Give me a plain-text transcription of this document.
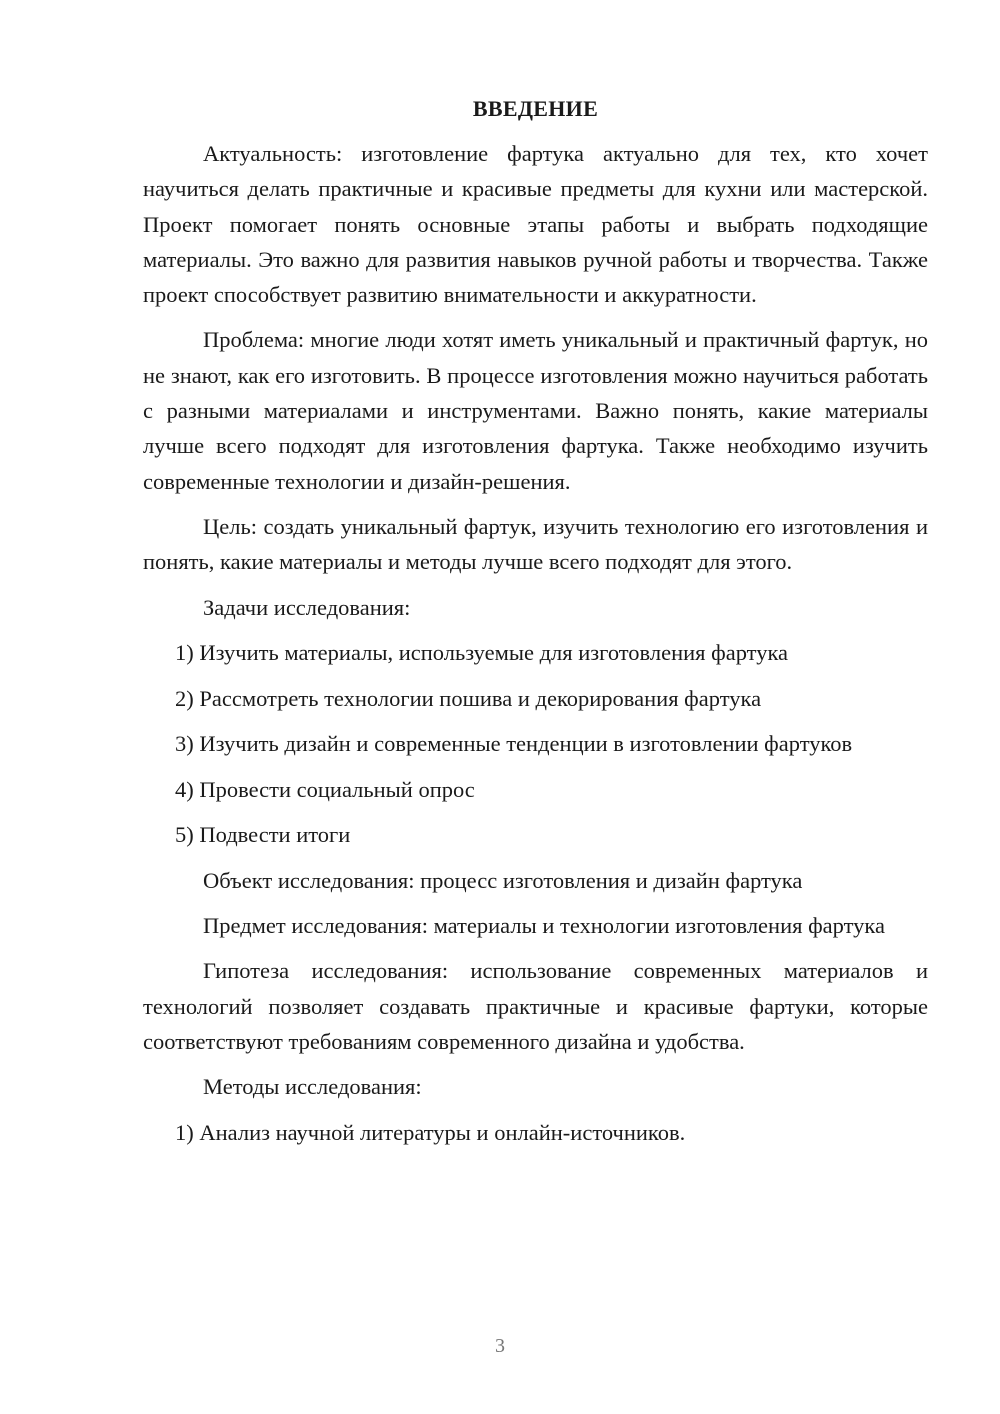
ВВЕДЕНИЕ

Актуальность: изготовление фартука актуально для тех, кто хочет научиться делать практичные и красивые предметы для кухни или мастерской. Проект помогает понять основные этапы работы и выбрать подходящие материалы. Это важно для развития навыков ручной работы и творчества. Также проект способствует развитию внимательности и аккуратности.

Проблема: многие люди хотят иметь уникальный и практичный фартук, но не знают, как его изготовить. В процессе изготовления можно научиться работать с разными материалами и инструментами. Важно понять, какие материалы лучше всего подходят для изготовления фартука. Также необходимо изучить современные технологии и дизайн-решения.

Цель: создать уникальный фартук, изучить технологию его изготовления и понять, какие материалы и методы лучше всего подходят для этого.

Задачи исследования:
1) Изучить материалы, используемые для изготовления фартука
2) Рассмотреть технологии пошива и декорирования фартука
3) Изучить дизайн и современные тенденции в изготовлении фартуков
4) Провести социальный опрос
5) Подвести итоги
Объект исследования: процесс изготовления и дизайн фартука

Предмет исследования: материалы и технологии изготовления фартука

Гипотеза исследования: использование современных материалов и технологий позволяет создавать практичные и красивые фартуки, которые соответствуют требованиям современного дизайна и удобства.

Методы исследования:
1) Анализ научной литературы и онлайн-источников.
3
